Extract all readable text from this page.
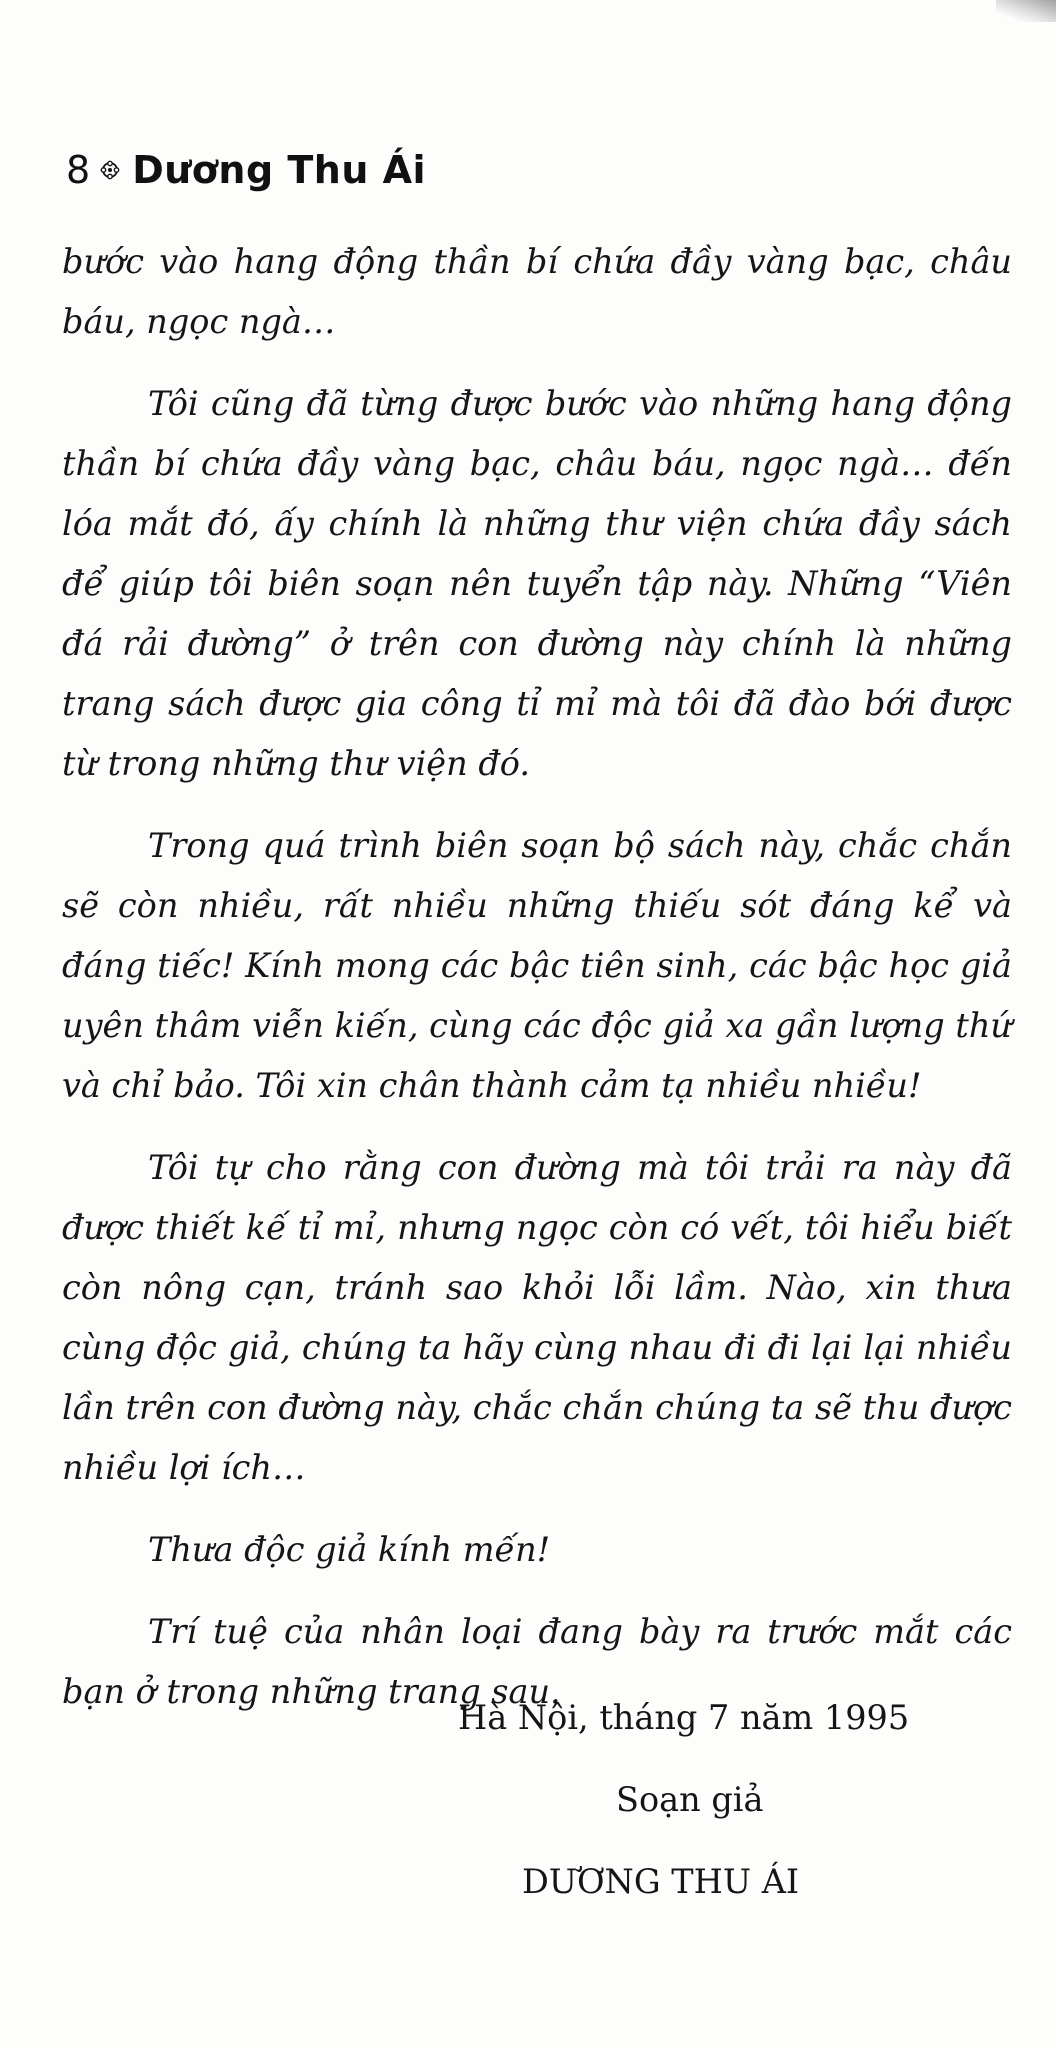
8 Dương Thu Ái

bước vào hang động thần bí chứa đầy vàng bạc, châu báu, ngọc ngà…

Tôi cũng đã từng được bước vào những hang động thần bí chứa đầy vàng bạc, châu báu, ngọc ngà… đến lóa mắt đó, ấy chính là những thư viện chứa đầy sách để giúp tôi biên soạn nên tuyển tập này. Những “Viên đá rải đường” ở trên con đường này chính là những trang sách được gia công tỉ mỉ mà tôi đã đào bới được từ trong những thư viện đó.

Trong quá trình biên soạn bộ sách này, chắc chắn sẽ còn nhiều, rất nhiều những thiếu sót đáng kể và đáng tiếc! Kính mong các bậc tiên sinh, các bậc học giả uyên thâm viễn kiến, cùng các độc giả xa gần lượng thứ và chỉ bảo. Tôi xin chân thành cảm tạ nhiều nhiều!

Tôi tự cho rằng con đường mà tôi trải ra này đã được thiết kế tỉ mỉ, nhưng ngọc còn có vết, tôi hiểu biết còn nông cạn, tránh sao khỏi lỗi lầm. Nào, xin thưa cùng độc giả, chúng ta hãy cùng nhau đi đi lại lại nhiều lần trên con đường này, chắc chắn chúng ta sẽ thu được nhiều lợi ích…

Thưa độc giả kính mến!

Trí tuệ của nhân loại đang bày ra trước mắt các bạn ở trong những trang sau.

Hà Nội, tháng 7 năm 1995
Soạn giả
DƯƠNG THU ÁI
